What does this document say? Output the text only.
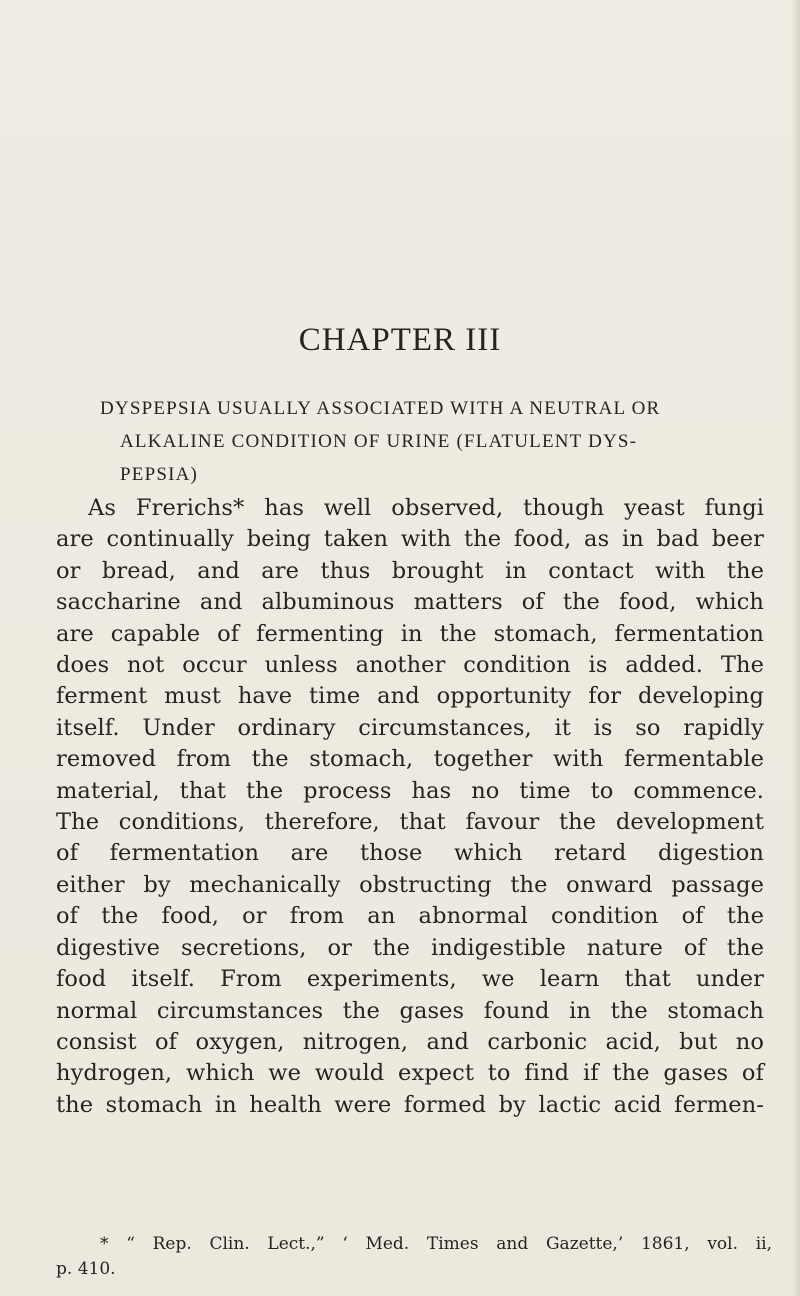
CHAPTER III
DYSPEPSIA USUALLY ASSOCIATED WITH A NEUTRAL OR
ALKALINE CONDITION OF URINE (FLATULENT DYS-
PEPSIA)
As Frerichs* has well observed, though yeast fungi
are continually being taken with the food, as in bad beer
or bread, and are thus brought in contact with the
saccharine and albuminous matters of the food, which
are capable of fermenting in the stomach, fermentation
does not occur unless another condition is added. The
ferment must have time and opportunity for developing
itself. Under ordinary circumstances, it is so rapidly
removed from the stomach, together with fermentable
material, that the process has no time to commence.
The conditions, therefore, that favour the development
of fermentation are those which retard digestion
either by mechanically obstructing the onward passage
of the food, or from an abnormal condition of the
digestive secretions, or the indigestible nature of the
food itself. From experiments, we learn that under
normal circumstances the gases found in the stomach
consist of oxygen, nitrogen, and carbonic acid, but no
hydrogen, which we would expect to find if the gases of
the stomach in health were formed by lactic acid fermen-
* “ Rep. Clin. Lect.,” ‘ Med. Times and Gazette,’ 1861, vol. ii,
p. 410.
